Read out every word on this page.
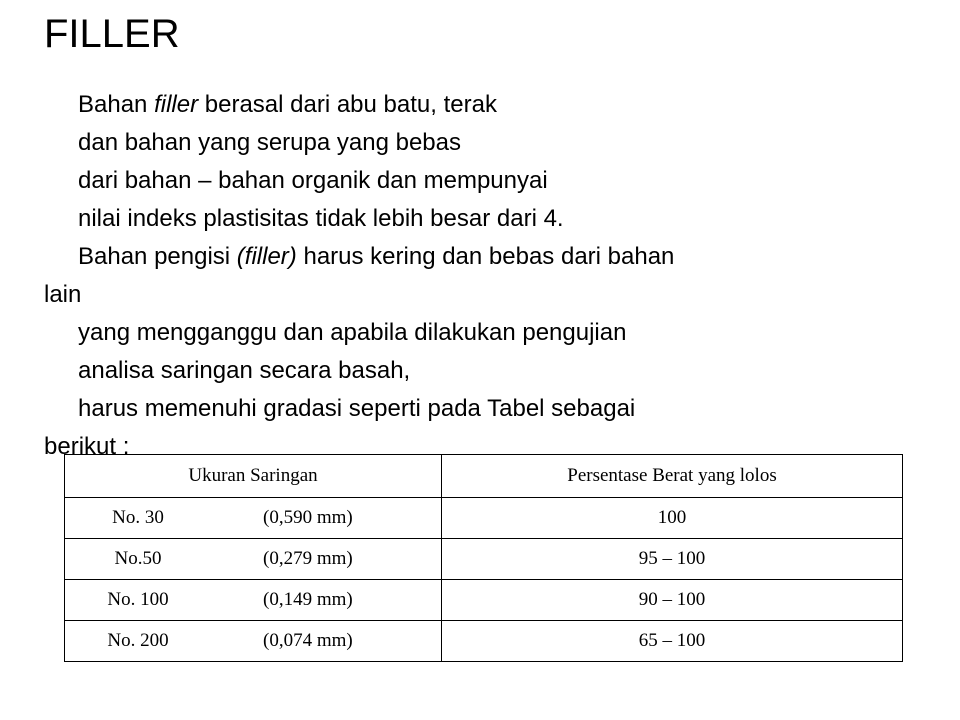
FILLER
Bahan filler berasal dari abu batu, terak
dan bahan yang serupa yang bebas
dari bahan – bahan organik dan mempunyai
nilai indeks plastisitas tidak lebih besar dari 4.
Bahan pengisi (filler) harus kering dan bebas dari bahan
lain
yang mengganggu dan apabila dilakukan pengujian
analisa saringan secara basah,
harus memenuhi gradasi seperti pada Tabel sebagai
berikut :
Ukuran Saringan	Persentase Berat yang lolos

No. 30 (0,590 mm)	100

No.50 (0,279 mm)	95 – 100

No. 100 (0,149 mm)	90 – 100

No. 200 (0,074 mm)	65 – 100
